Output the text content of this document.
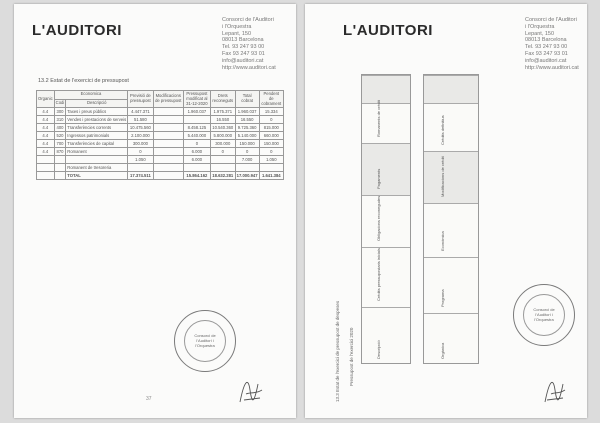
L'AUDITORI
Consorci de l'Auditori
i l'Orquestra
Lepant, 150
08013 Barcelona
Tel. 93 247 93 00
Fax 93 247 93 01
info@auditori.cat
http://www.auditori.cat
13.2 Estat de l'exercici de pressupost
Organic	Economica		Previsió de pressupost	Modificacions de pressupost	Pressupost modificat al 31-12-2020	Drets reconeguts	Total cobrat	Pendent de cobrament
	Codi	Descripció						
4.4	300	Taxes i preus públics	4.447.371		1.960.037	1.975.371	1.960.037	15.334
4.4	310	Vendes i prestacions de serveis	51.580			16.550	16.550	0
4.4	400	Transferències corrents	10.475.560		8.458.125	10.540.360	9.725.360	815.000
4.4	520	Ingressos patrimonials	2.100.000		5.440.000	5.800.000	5.140.000	660.000
4.4	700	Transferències de capital	300.000		0	300.000	150.000	150.000
4.4	870	Romanent	0		6.000	0	0	0
			1.050		6.000		7.000	1.050
		Romanent de tresoreria						
		TOTAL	17.374.511		15.864.162	18.632.281	17.000.947	1.641.384
Consorci de l'Auditori i l'Orquestra
37
L'AUDITORI
Consorci de l'Auditori
i l'Orquestra
Lepant, 150
08013 Barcelona
Tel. 93 247 93 00
Fax 93 247 93 01
info@auditori.cat
http://www.auditori.cat
13.3 Estat de l'exercici de pressupost de despeses Pressupost de l'exercici 2020
Romanents de crèdit
Pagaments
Obligacions reconegudes
Crèdits pressupostaris inicials
Descripció
Crèdits definitius
Modificacions de crèdit
Econòmica
Programa
Orgànica
Consorci de l'Auditori i l'Orquestra
